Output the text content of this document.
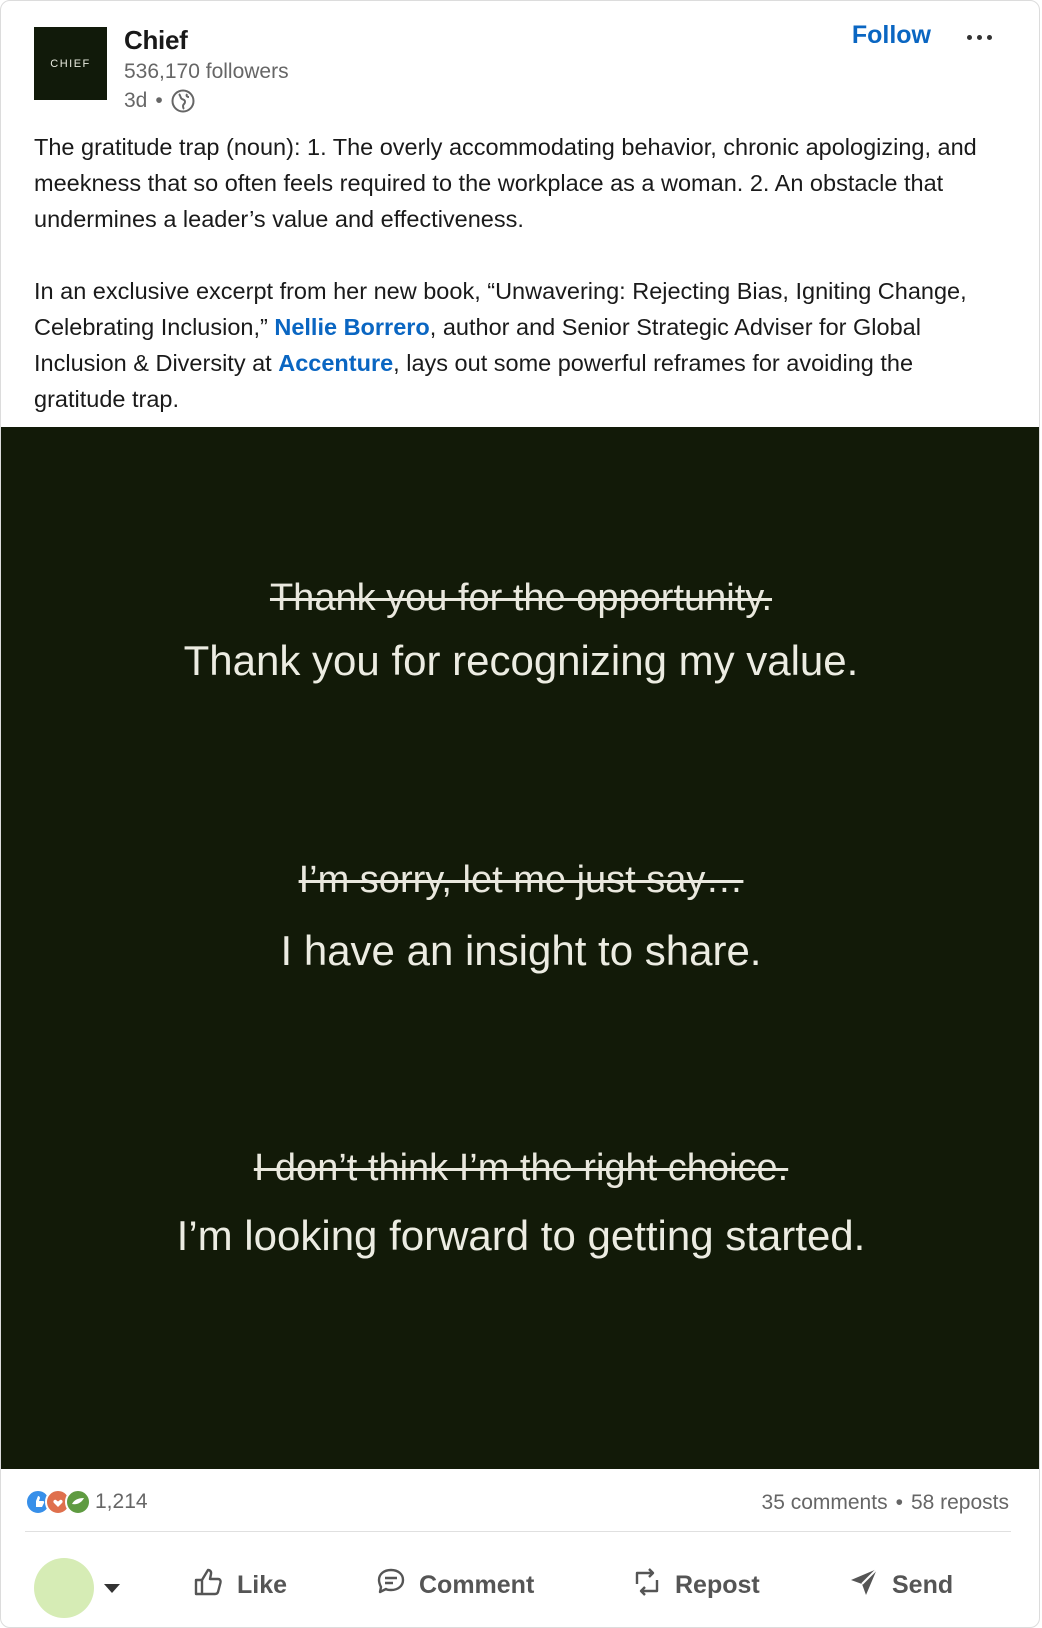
CHIEF
Chief
536,170 followers
3d •
Follow

The gratitude trap (noun): 1. The overly accommodating behavior, chronic apologizing, and meekness that so often feels required to the workplace as a woman. 2. An obstacle that undermines a leader’s value and effectiveness.

In an exclusive excerpt from her new book, “Unwavering: Rejecting Bias, Igniting Change, Celebrating Inclusion,” Nellie Borrero, author and Senior Strategic Adviser for Global Inclusion & Diversity at Accenture, lays out some powerful reframes for avoiding the gratitude trap.

Thank you for the opportunity.
Thank you for recognizing my value.
I’m sorry, let me just say…
I have an insight to share.
I don’t think I’m the right choice.
I’m looking forward to getting started.
1,214	35 comments • 58 reposts
Like	Comment	Repost	Send
